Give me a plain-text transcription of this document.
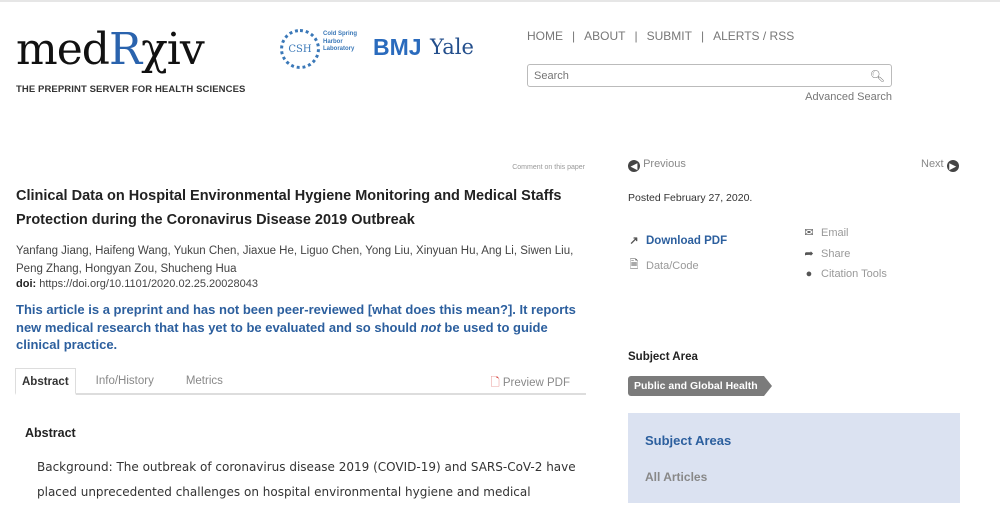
medRχiv
THE PREPRINT SERVER FOR HEALTH SCIENCES
CSH
Cold Spring Harbor Laboratory BMJ Yale	HOME | ABOUT | SUBMIT | ALERTS / RSS
Search
🔍︎
Advanced Search
Comment on this paper
Clinical Data on Hospital Environmental Hygiene Monitoring and Medical Staffs Protection during the Coronavirus Disease 2019 Outbreak
Yanfang Jiang, Haifeng Wang, Yukun Chen, Jiaxue He, Liguo Chen, Yong Liu, Xinyuan Hu, Ang Li, Siwen Liu, Peng Zhang, Hongyan Zou, Shucheng Hua
doi: https://doi.org/10.1101/2020.02.25.20028043
This article is a preprint and has not been peer-reviewed [what does this mean?]. It reports new medical research that has yet to be evaluated and so should not be used to guide clinical practice.
Abstract	Info/History	Metrics	🗋︎ Preview PDF
Abstract
Background: The outbreak of coronavirus disease 2019 (COVID-19) and SARS-CoV-2 have placed unprecedented challenges on hospital environmental hygiene and medical
◀ Previous	Next ▶
Posted February 27, 2020.
↗ Download PDF
🗎︎ Data/Code
✉ Email
➦ Share
● Citation Tools
Subject Area
Public and Global Health
Subject Areas
All Articles
